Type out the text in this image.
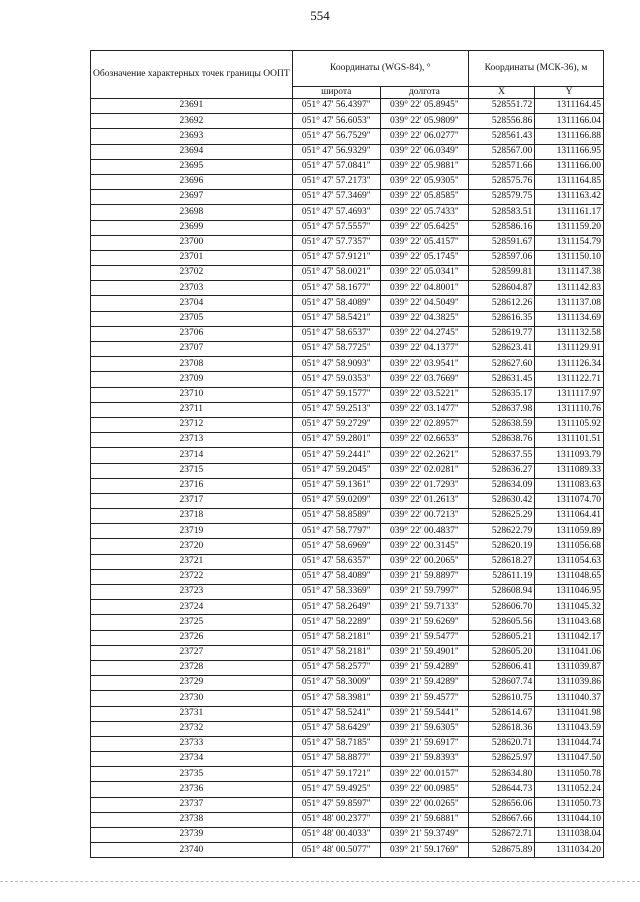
554
Обозначение характерных точек границы ООПТ	Координаты (WGS-84), °		Координаты (МСК-36), м	
	широта	долгота	X	Y
23691	051° 47' 56.4397"	039° 22' 05.8945"	528551.72	1311164.45
23692	051° 47' 56.6053"	039° 22' 05.9809"	528556.86	1311166.04
23693	051° 47' 56.7529"	039° 22' 06.0277"	528561.43	1311166.88
23694	051° 47' 56.9329"	039° 22' 06.0349"	528567.00	1311166.95
23695	051° 47' 57.0841"	039° 22' 05.9881"	528571.66	1311166.00
23696	051° 47' 57.2173"	039° 22' 05.9305"	528575.76	1311164.85
23697	051° 47' 57.3469"	039° 22' 05.8585"	528579.75	1311163.42
23698	051° 47' 57.4693"	039° 22' 05.7433"	528583.51	1311161.17
23699	051° 47' 57.5557"	039° 22' 05.6425"	528586.16	1311159.20
23700	051° 47' 57.7357"	039° 22' 05.4157"	528591.67	1311154.79
23701	051° 47' 57.9121"	039° 22' 05.1745"	528597.06	1311150.10
23702	051° 47' 58.0021"	039° 22' 05.0341"	528599.81	1311147.38
23703	051° 47' 58.1677"	039° 22' 04.8001"	528604.87	1311142.83
23704	051° 47' 58.4089"	039° 22' 04.5049"	528612.26	1311137.08
23705	051° 47' 58.5421"	039° 22' 04.3825"	528616.35	1311134.69
23706	051° 47' 58.6537"	039° 22' 04.2745"	528619.77	1311132.58
23707	051° 47' 58.7725"	039° 22' 04.1377"	528623.41	1311129.91
23708	051° 47' 58.9093"	039° 22' 03.9541"	528627.60	1311126.34
23709	051° 47' 59.0353"	039° 22' 03.7669"	528631.45	1311122.71
23710	051° 47' 59.1577"	039° 22' 03.5221"	528635.17	1311117.97
23711	051° 47' 59.2513"	039° 22' 03.1477"	528637.98	1311110.76
23712	051° 47' 59.2729"	039° 22' 02.8957"	528638.59	1311105.92
23713	051° 47' 59.2801"	039° 22' 02.6653"	528638.76	1311101.51
23714	051° 47' 59.2441"	039° 22' 02.2621"	528637.55	1311093.79
23715	051° 47' 59.2045"	039° 22' 02.0281"	528636.27	1311089.33
23716	051° 47' 59.1361"	039° 22' 01.7293"	528634.09	1311083.63
23717	051° 47' 59.0209"	039° 22' 01.2613"	528630.42	1311074.70
23718	051° 47' 58.8589"	039° 22' 00.7213"	528625.29	1311064.41
23719	051° 47' 58.7797"	039° 22' 00.4837"	528622.79	1311059.89
23720	051° 47' 58.6969"	039° 22' 00.3145"	528620.19	1311056.68
23721	051° 47' 58.6357"	039° 22' 00.2065"	528618.27	1311054.63
23722	051° 47' 58.4089"	039° 21' 59.8897"	528611.19	1311048.65
23723	051° 47' 58.3369"	039° 21' 59.7997"	528608.94	1311046.95
23724	051° 47' 58.2649"	039° 21' 59.7133"	528606.70	1311045.32
23725	051° 47' 58.2289"	039° 21' 59.6269"	528605.56	1311043.68
23726	051° 47' 58.2181"	039° 21' 59.5477"	528605.21	1311042.17
23727	051° 47' 58.2181"	039° 21' 59.4901"	528605.20	1311041.06
23728	051° 47' 58.2577"	039° 21' 59.4289"	528606.41	1311039.87
23729	051° 47' 58.3009"	039° 21' 59.4289"	528607.74	1311039.86
23730	051° 47' 58.3981"	039° 21' 59.4577"	528610.75	1311040.37
23731	051° 47' 58.5241"	039° 21' 59.5441"	528614.67	1311041.98
23732	051° 47' 58.6429"	039° 21' 59.6305"	528618.36	1311043.59
23733	051° 47' 58.7185"	039° 21' 59.6917"	528620.71	1311044.74
23734	051° 47' 58.8877"	039° 21' 59.8393"	528625.97	1311047.50
23735	051° 47' 59.1721"	039° 22' 00.0157"	528634.80	1311050.78
23736	051° 47' 59.4925"	039° 22' 00.0985"	528644.73	1311052.24
23737	051° 47' 59.8597"	039° 22' 00.0265"	528656.06	1311050.73
23738	051° 48' 00.2377"	039° 21' 59.6881"	528667.66	1311044.10
23739	051° 48' 00.4033"	039° 21' 59.3749"	528672.71	1311038.04
23740	051° 48' 00.5077"	039° 21' 59.1769"	528675.89	1311034.20
